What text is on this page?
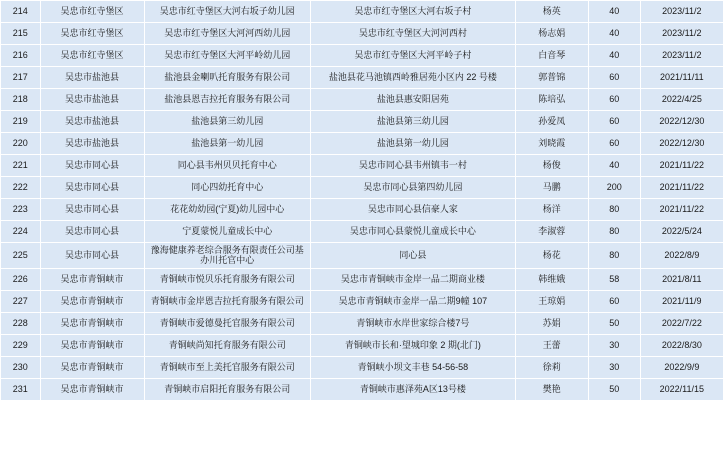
214	吴忠市红寺堡区	吴忠市红寺堡区大河右坂子幼儿园	吴忠市红寺堡区大河右坂子村	杨英	40	2023/11/2
215	吴忠市红寺堡区	吴忠市红寺堡区大河河西幼儿园	吴忠市红寺堡区大河河西村	杨志娟	40	2023/11/2
216	吴忠市红寺堡区	吴忠市红寺堡区大河平岭幼儿园	吴忠市红寺堡区大河平岭子村	白音琴	40	2023/11/2
217	吴忠市盐池县	盐池县金喇叭托育服务有限公司	盐池县花马池镇西岭雅居苑小区内 22 号楼	郭普锦	60	2021/11/11
218	吴忠市盐池县	盐池县恩吉拉托育服务有限公司	盐池县惠安阳居苑	陈培弘	60	2022/4/25
219	吴忠市盐池县	盐池县第三幼儿园	盐池县第三幼儿园	孙爱凤	60	2022/12/30
220	吴忠市盐池县	盐池县第一幼儿园	盐池县第一幼儿园	刘晓霞	60	2022/12/30
221	吴忠市同心县	同心县韦州贝贝托育中心	吴忠市同心县韦州镇韦一村	杨俊	40	2021/11/22
222	吴忠市同心县	同心四幼托育中心	吴忠市同心县第四幼儿园	马鹏	200	2021/11/22
223	吴忠市同心县	花花幼幼园(宁夏)幼儿园中心	吴忠市同心县信豪人家	杨洋	80	2021/11/22
224	吴忠市同心县	宁夏蒙悦儿童成长中心	吴忠市同心县蒙悦儿童成长中心	李淑蓉	80	2022/5/24
225	吴忠市同心县	豫海健康养老综合服务有限责任公司基办川托官中心	同心县	杨花	80	2022/8/9
226	吴忠市青铜峡市	青铜峡市悦贝乐托育服务有限公司	吴忠市青铜峡市金岸一品二期商业楼	韩维娥	58	2021/8/11
227	吴忠市青铜峡市	青铜峡市金岸恩吉拉托育服务有限公司	吴忠市青铜峡市金岸一品二期9幢 107	王琼娟	60	2021/11/9
228	吴忠市青铜峡市	青铜峡市爱德曼托官服务有限公司	青铜峡市水岸世家综合楼7号	苏娟	50	2022/7/22
229	吴忠市青铜峡市	青铜峡尚知托育服务有限公司	青铜峡市长和·望城印象 2 期(北门)	王蕾	30	2022/8/30
230	吴忠市青铜峡市	青铜峡市至上美托官服务有限公司	青铜峡小坝文丰巷 54-56-58	徐莉	30	2022/9/9
231	吴忠市青铜峡市	青铜峡市启阳托育服务有限公司	青铜峡市惠泽苑A区13号楼	樊艳	50	2022/11/15
